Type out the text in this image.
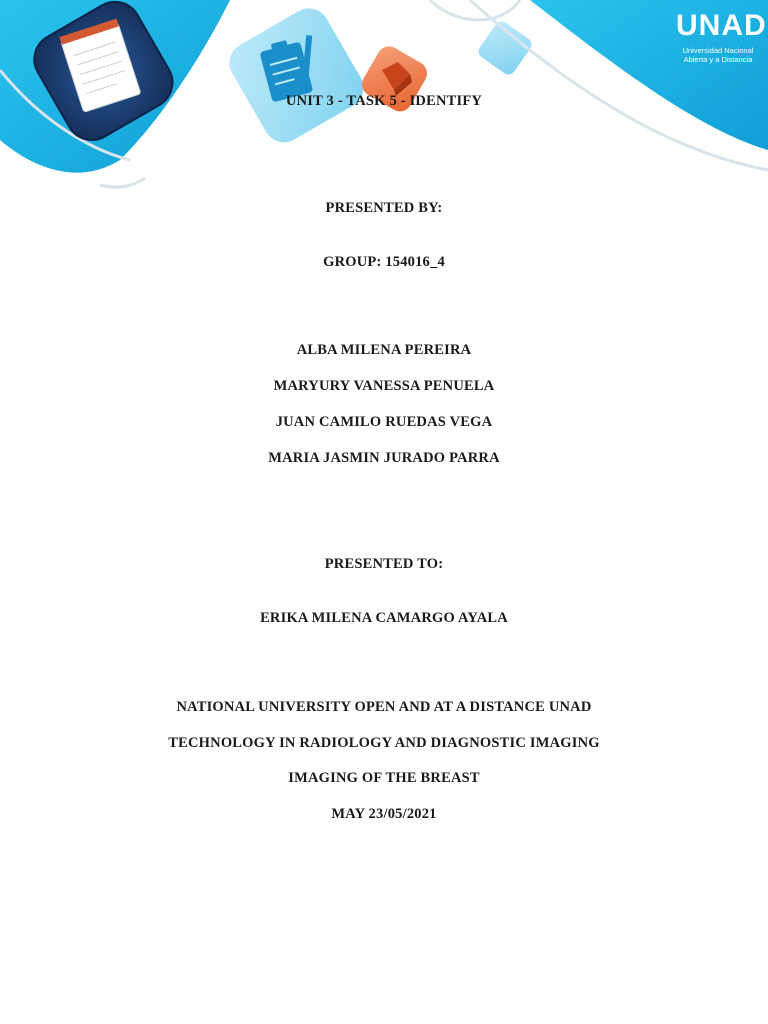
UNAD
Universidad Nacional
Abierta y a Distancia
UNIT 3 - TASK 5 - IDENTIFY
PRESENTED BY:
GROUP: 154016_4
ALBA MILENA PEREIRA
MARYURY VANESSA PENUELA
JUAN CAMILO RUEDAS VEGA
MARIA JASMIN JURADO PARRA
PRESENTED TO:
ERIKA MILENA CAMARGO AYALA
NATIONAL UNIVERSITY OPEN AND AT A DISTANCE UNAD
TECHNOLOGY IN RADIOLOGY AND DIAGNOSTIC IMAGING
IMAGING OF THE BREAST
MAY 23/05/2021
